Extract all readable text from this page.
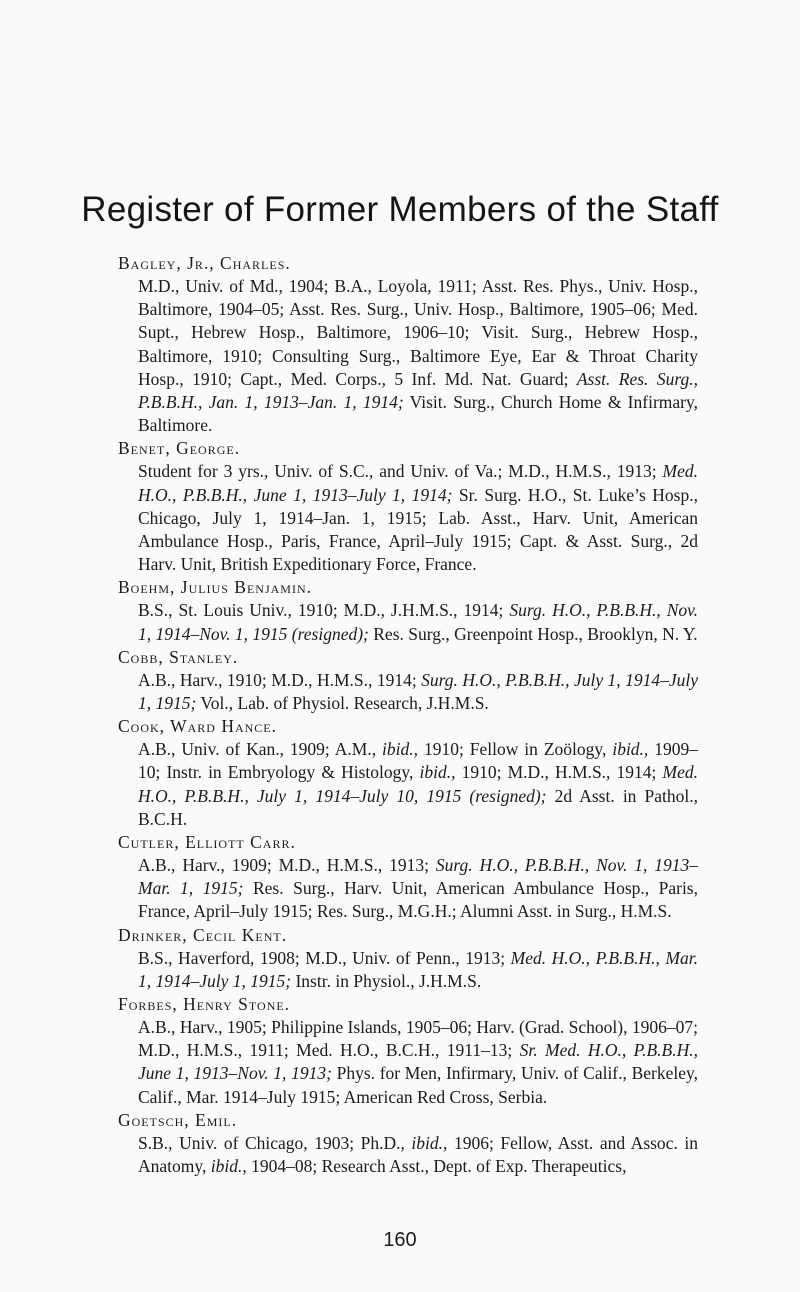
Register of Former Members of the Staff

Bagley, Jr., Charles.

M.D., Univ. of Md., 1904; B.A., Loyola, 1911; Asst. Res. Phys., Univ. Hosp., Baltimore, 1904–05; Asst. Res. Surg., Univ. Hosp., Baltimore, 1905–06; Med. Supt., Hebrew Hosp., Baltimore, 1906–10; Visit. Surg., Hebrew Hosp., Baltimore, 1910; Consulting Surg., Baltimore Eye, Ear & Throat Charity Hosp., 1910; Capt., Med. Corps., 5 Inf. Md. Nat. Guard; Asst. Res. Surg., P.B.B.H., Jan. 1, 1913–Jan. 1, 1914; Visit. Surg., Church Home & Infirmary, Baltimore.

Benet, George.

Student for 3 yrs., Univ. of S.C., and Univ. of Va.; M.D., H.M.S., 1913; Med. H.O., P.B.B.H., June 1, 1913–July 1, 1914; Sr. Surg. H.O., St. Luke’s Hosp., Chicago, July 1, 1914–Jan. 1, 1915; Lab. Asst., Harv. Unit, American Ambulance Hosp., Paris, France, April–July 1915; Capt. & Asst. Surg., 2d Harv. Unit, British Expeditionary Force, France.

Boehm, Julius Benjamin.

B.S., St. Louis Univ., 1910; M.D., J.H.M.S., 1914; Surg. H.O., P.B.B.H., Nov. 1, 1914–Nov. 1, 1915 (resigned); Res. Surg., Greenpoint Hosp., Brooklyn, N. Y.

Cobb, Stanley.

A.B., Harv., 1910; M.D., H.M.S., 1914; Surg. H.O., P.B.B.H., July 1, 1914–July 1, 1915; Vol., Lab. of Physiol. Research, J.H.M.S.

Cook, Ward Hance.

A.B., Univ. of Kan., 1909; A.M., ibid., 1910; Fellow in Zoölogy, ibid., 1909–10; Instr. in Embryology & Histology, ibid., 1910; M.D., H.M.S., 1914; Med. H.O., P.B.B.H., July 1, 1914–July 10, 1915 (resigned); 2d Asst. in Pathol., B.C.H.

Cutler, Elliott Carr.

A.B., Harv., 1909; M.D., H.M.S., 1913; Surg. H.O., P.B.B.H., Nov. 1, 1913–Mar. 1, 1915; Res. Surg., Harv. Unit, American Ambulance Hosp., Paris, France, April–July 1915; Res. Surg., M.G.H.; Alumni Asst. in Surg., H.M.S.

Drinker, Cecil Kent.

B.S., Haverford, 1908; M.D., Univ. of Penn., 1913; Med. H.O., P.B.B.H., Mar. 1, 1914–July 1, 1915; Instr. in Physiol., J.H.M.S.

Forbes, Henry Stone.

A.B., Harv., 1905; Philippine Islands, 1905–06; Harv. (Grad. School), 1906–07; M.D., H.M.S., 1911; Med. H.O., B.C.H., 1911–13; Sr. Med. H.O., P.B.B.H., June 1, 1913–Nov. 1, 1913; Phys. for Men, Infirmary, Univ. of Calif., Berkeley, Calif., Mar. 1914–July 1915; American Red Cross, Serbia.

Goetsch, Emil.

S.B., Univ. of Chicago, 1903; Ph.D., ibid., 1906; Fellow, Asst. and Assoc. in Anatomy, ibid., 1904–08; Research Asst., Dept. of Exp. Therapeutics,

160
